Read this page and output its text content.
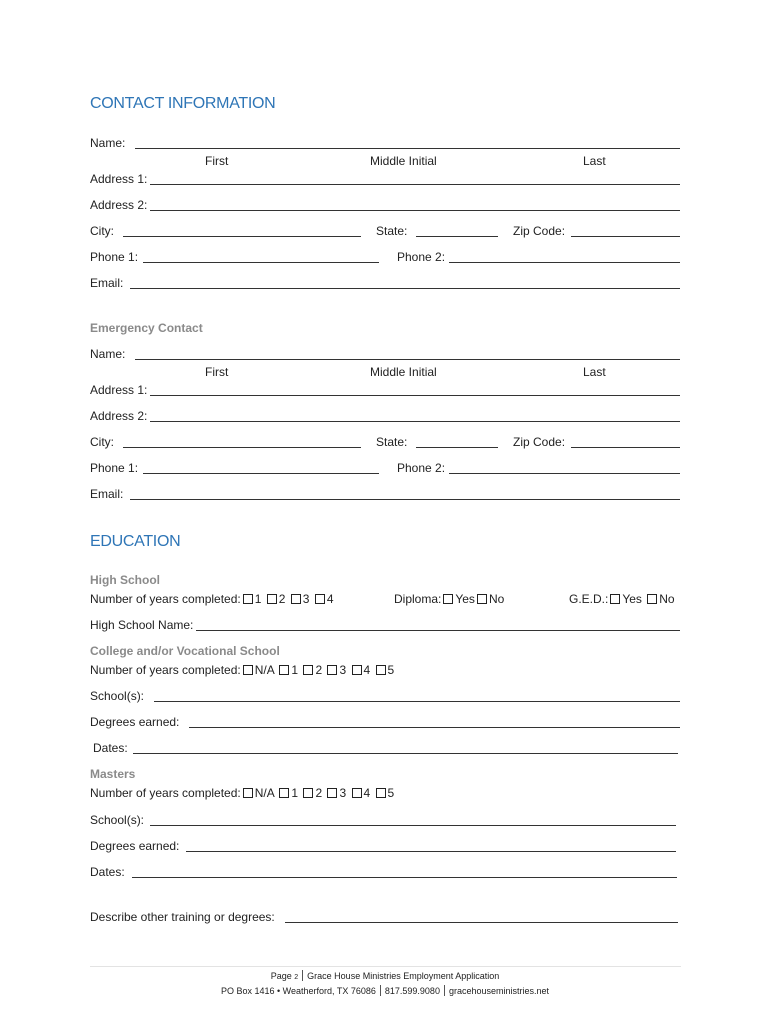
CONTACT INFORMATION
Name:
First	Middle Initial	Last
Address 1:
Address 2:
City:	State:	Zip Code:
Phone 1:	Phone 2:
Email:
Emergency Contact
Name:
First	Middle Initial	Last
Address 1:
Address 2:
City:	State:	Zip Code:
Phone 1:	Phone 2:
Email:
EDUCATION
High School
Number of years completed: 1 2 3 4	Diploma: Yes No	G.E.D.: Yes No
High School Name:
College and/or Vocational School
Number of years completed: N/A 1 2 3 4 5
School(s):
Degrees earned:
Dates:
Masters
Number of years completed: N/A 1 2 3 4 5
School(s):
Degrees earned:
Dates:
Describe other training or degrees:
Page 2 Grace House Ministries Employment Application
PO Box 1416 • Weatherford, TX 76086 817.599.9080 gracehouseministries.net
